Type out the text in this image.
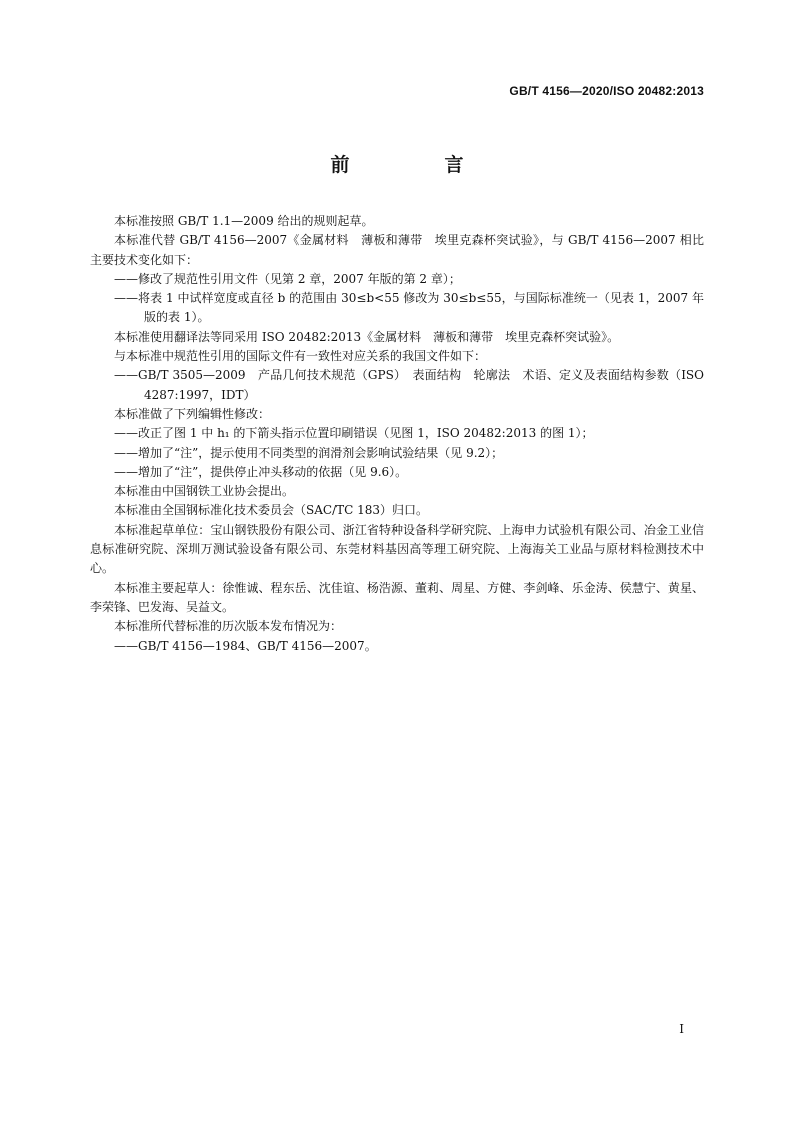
GB/T 4156—2020/ISO 20482:2013
前　言
本标准按照 GB/T 1.1—2009 给出的规则起草。
本标准代替 GB/T 4156—2007《金属材料　薄板和薄带　埃里克森杯突试验》，与 GB/T 4156—2007 相比主要技术变化如下：
——修改了规范性引用文件（见第 2 章，2007 年版的第 2 章）；
——将表 1 中试样宽度或直径 b 的范围由 30≤b<55 修改为 30≤b≤55，与国际标准统一（见表 1，2007 年版的表 1）。
本标准使用翻译法等同采用 ISO 20482:2013《金属材料　薄板和薄带　埃里克森杯突试验》。
与本标准中规范性引用的国际文件有一致性对应关系的我国文件如下：
——GB/T 3505—2009　产品几何技术规范（GPS）　表面结构　轮廓法　术语、定义及表面结构参数（ISO 4287:1997，IDT）
本标准做了下列编辑性修改：
——改正了图 1 中 h₁ 的下箭头指示位置印刷错误（见图 1，ISO 20482:2013 的图 1）；
——增加了“注”，提示使用不同类型的润滑剂会影响试验结果（见 9.2）；
——增加了“注”，提供停止冲头移动的依据（见 9.6）。
本标准由中国钢铁工业协会提出。
本标准由全国钢标准化技术委员会（SAC/TC 183）归口。
本标准起草单位：宝山钢铁股份有限公司、浙江省特种设备科学研究院、上海申力试验机有限公司、冶金工业信息标准研究院、深圳万测试验设备有限公司、东莞材料基因高等理工研究院、上海海关工业品与原材料检测技术中心。
本标准主要起草人：徐惟诚、程东岳、沈佳谊、杨浩源、董莉、周星、方健、李剑峰、乐金涛、侯慧宁、黄星、李荣锋、巴发海、吴益文。
本标准所代替标准的历次版本发布情况为：
——GB/T 4156—1984、GB/T 4156—2007。
I
